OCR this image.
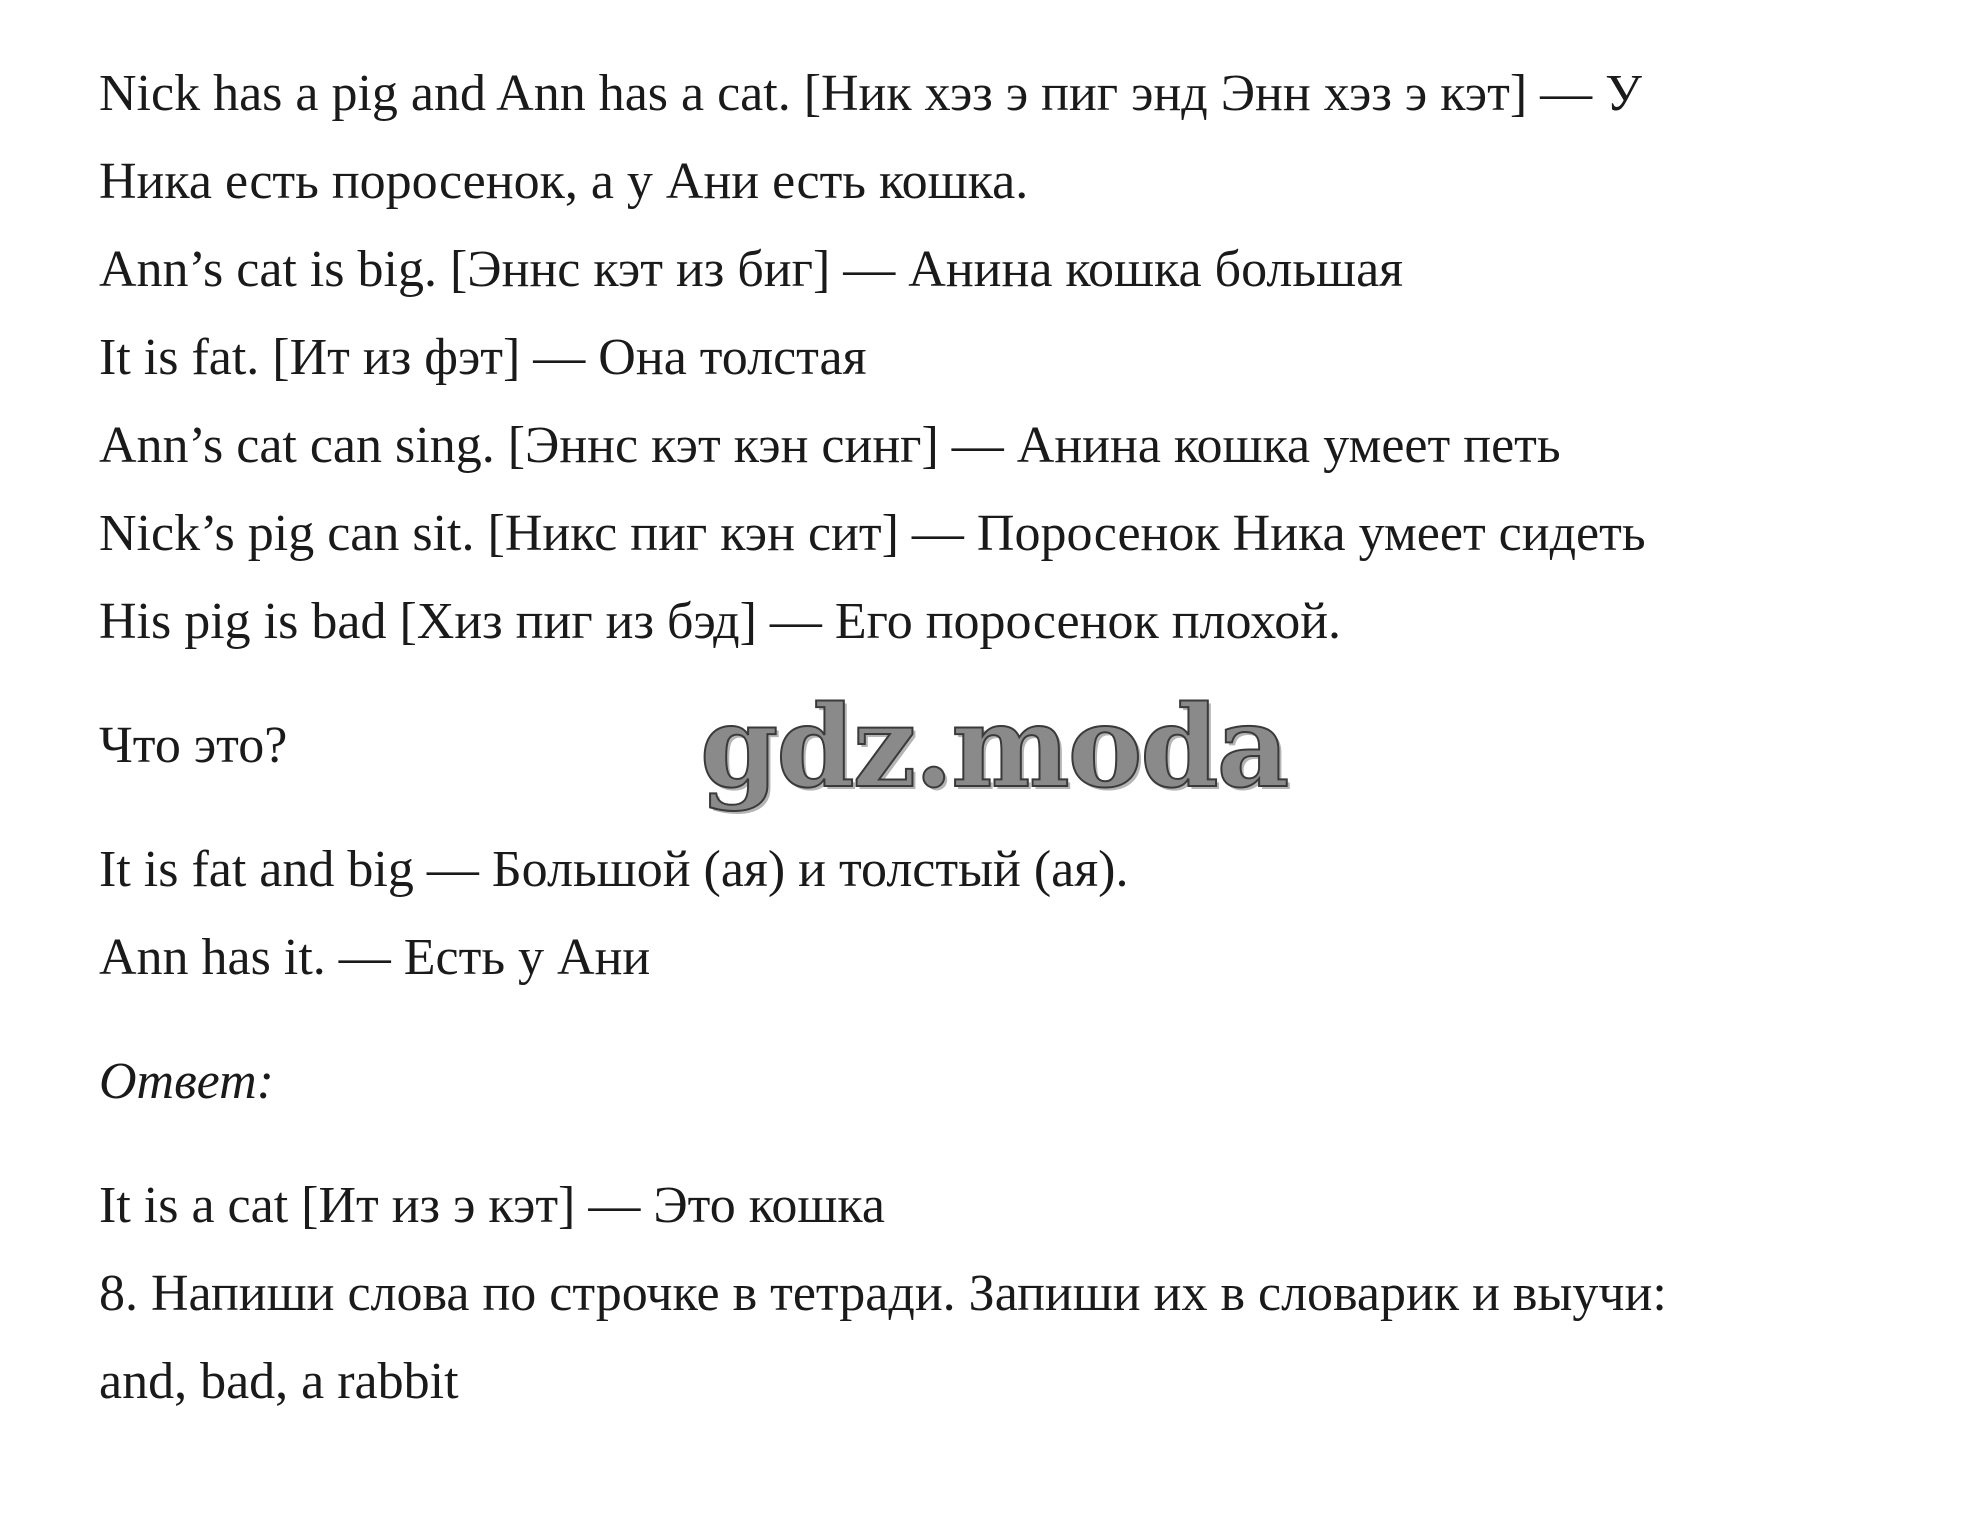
Nick has a pig and Ann has a cat. [Ник хэз э пиг энд Энн хэз э кэт] — У
Ника есть поросенок, а у Ани есть кошка.
Ann’s cat is big. [Эннс кэт из биг] — Анина кошка большая
It is fat. [Ит из фэт] — Она толстая
Ann’s cat can sing. [Эннс кэт кэн синг] — Анина кошка умеет петь
Nick’s pig can sit. [Никс пиг кэн сит] — Поросенок Ника умеет сидеть
His pig is bad [Хиз пиг из бэд] — Его поросенок плохой.
Что это?	gdz.moda
It is fat and big — Большой (ая) и толстый (ая).
Ann has it. — Есть у Ани
Ответ:
It is a cat [Ит из э кэт] — Это кошка
8. Напиши слова по строчке в тетради. Запиши их в словарик и выучи:
and, bad, a rabbit
